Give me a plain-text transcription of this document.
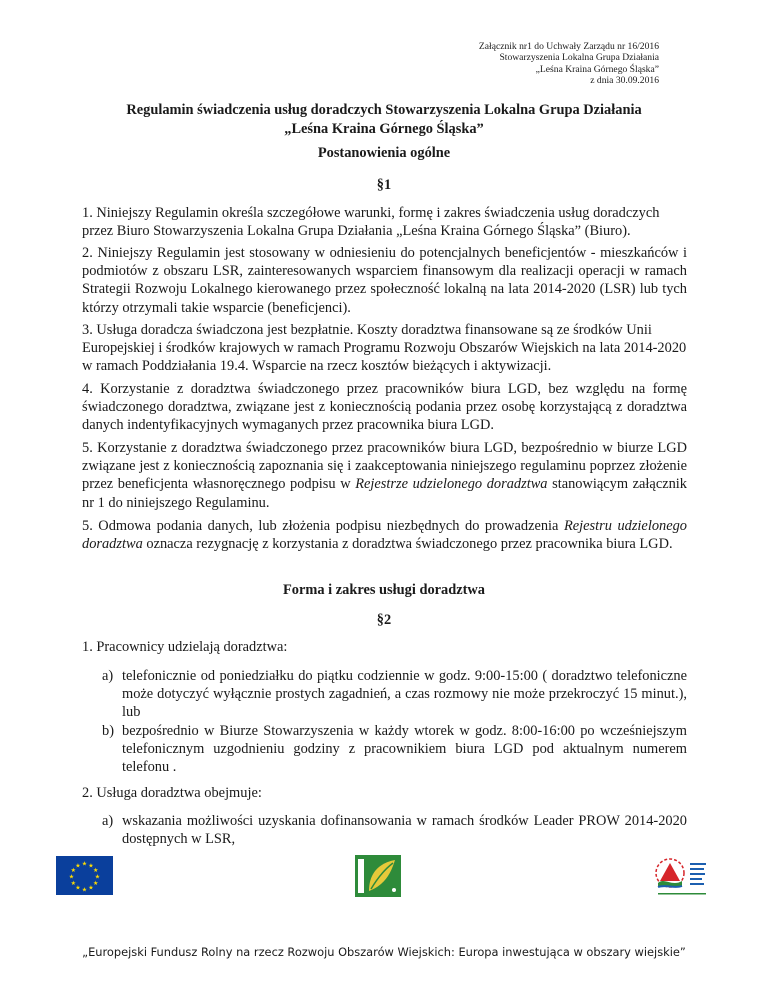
Załącznik nr1 do Uchwały Zarządu nr 16/2016
Stowarzyszenia Lokalna Grupa Działania
„Leśna Kraina Górnego Śląska”
z dnia 30.09.2016
Regulamin świadczenia usług doradczych Stowarzyszenia Lokalna Grupa Działania
„Leśna Kraina Górnego Śląska”
Postanowienia ogólne
§1
1. Niniejszy Regulamin określa szczegółowe warunki, formę i zakres świadczenia usług doradczych przez Biuro Stowarzyszenia Lokalna Grupa Działania „Leśna Kraina Górnego Śląska” (Biuro).
2. Niniejszy Regulamin jest stosowany w odniesieniu do potencjalnych beneficjentów - mieszkańców i podmiotów z obszaru LSR, zainteresowanych wsparciem finansowym dla realizacji operacji w ramach Strategii Rozwoju Lokalnego kierowanego przez społeczność lokalną na lata 2014-2020 (LSR) lub tych którzy otrzymali takie wsparcie (beneficjenci).
3. Usługa doradcza świadczona jest bezpłatnie. Koszty doradztwa finansowane są ze środków Unii Europejskiej i środków krajowych w ramach Programu Rozwoju Obszarów Wiejskich na lata 2014-2020 w ramach Poddziałania 19.4. Wsparcie na rzecz kosztów bieżących i aktywizacji.
4. Korzystanie z doradztwa świadczonego przez pracowników biura LGD, bez względu na formę świadczonego doradztwa, związane jest z koniecznością podania przez osobę korzystającą z doradztwa danych indentyfikacyjnych wymaganych przez pracownika biura LGD.
5. Korzystanie z doradztwa świadczonego przez pracowników biura LGD, bezpośrednio w biurze LGD związane jest z koniecznością zapoznania się i zaakceptowania niniejszego regulaminu poprzez złożenie przez beneficjenta własnoręcznego podpisu w Rejestrze udzielonego doradztwa stanowiącym załącznik nr 1 do niniejszego Regulaminu.
5. Odmowa podania danych, lub złożenia podpisu niezbędnych do prowadzenia Rejestru udzielonego doradztwa oznacza rezygnację z korzystania z doradztwa świadczonego przez pracownika biura LGD.
Forma i zakres usługi doradztwa
§2
1. Pracownicy udzielają doradztwa:
a) telefonicznie od poniedziałku do piątku codziennie w godz. 9:00-15:00 ( doradztwo telefoniczne może dotyczyć wyłącznie prostych zagadnień, a czas rozmowy nie może przekroczyć 15 minut.), lub
b) bezpośrednio w Biurze Stowarzyszenia w każdy wtorek w godz. 8:00-16:00 po wcześniejszym telefonicznym uzgodnieniu godziny z pracownikiem biura LGD pod aktualnym numerem telefonu .
2. Usługa doradztwa obejmuje:
a) wskazania możliwości uzyskania dofinansowania w ramach środków Leader PROW 2014-2020 dostępnych w LSR,
★ ★
★
★
★
★
★
★
★
★
★
★
„Europejski Fundusz Rolny na rzecz Rozwoju Obszarów Wiejskich: Europa inwestująca w obszary wiejskie”
